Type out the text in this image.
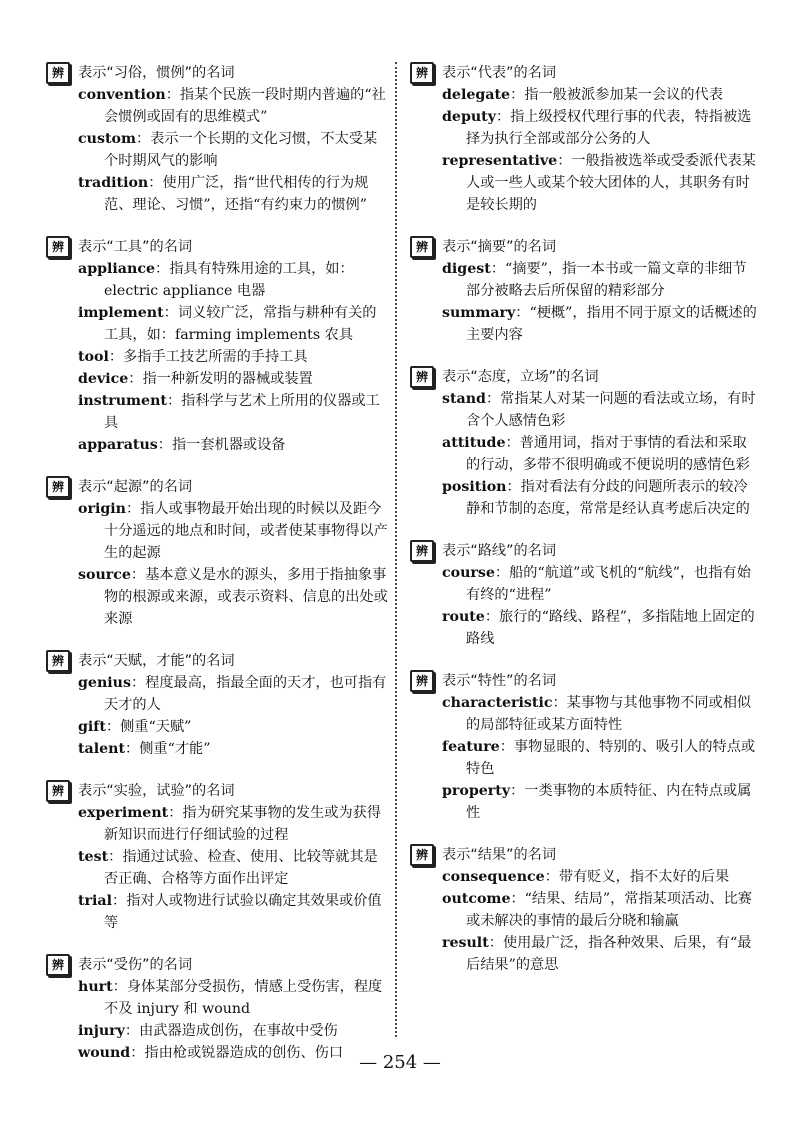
辨 表示“习俗，惯例”的名词
convention：指某个民族一段时期内普遍的“社会惯例或固有的思维模式”
custom：表示一个长期的文化习惯，不太受某个时期风气的影响
tradition：使用广泛，指“世代相传的行为规范、理论、习惯”，还指“有约束力的惯例”
辨 表示“工具”的名词
appliance：指具有特殊用途的工具，如：electric appliance 电器
implement：词义较广泛，常指与耕种有关的工具，如：farming implements 农具
tool：多指手工技艺所需的手持工具
device：指一种新发明的器械或装置
instrument：指科学与艺术上所用的仪器或工具
apparatus：指一套机器或设备
辨 表示“起源”的名词
origin：指人或事物最开始出现的时候以及距今十分遥远的地点和时间，或者使某事物得以产生的起源
source：基本意义是水的源头，多用于指抽象事物的根源或来源，或表示资料、信息的出处或来源
辨 表示“天赋，才能”的名词
genius：程度最高，指最全面的天才，也可指有天才的人
gift：侧重“天赋”
talent：侧重“才能”
辨 表示“实验，试验”的名词
experiment：指为研究某事物的发生或为获得新知识而进行仔细试验的过程
test：指通过试验、检查、使用、比较等就其是否正确、合格等方面作出评定
trial：指对人或物进行试验以确定其效果或价值等
辨 表示“受伤”的名词
hurt：身体某部分受损伤，情感上受伤害，程度不及 injury 和 wound
injury：由武器造成创伤，在事故中受伤
wound：指由枪或锐器造成的创伤、伤口
辨 表示“代表”的名词
delegate：指一般被派参加某一会议的代表
deputy：指上级授权代理行事的代表，特指被选择为执行全部或部分公务的人
representative：一般指被选举或受委派代表某人或一些人或某个较大团体的人，其职务有时是较长期的
辨 表示“摘要”的名词
digest：“摘要”，指一本书或一篇文章的非细节部分被略去后所保留的精彩部分
summary：“梗概”，指用不同于原文的话概述的主要内容
辨 表示“态度，立场”的名词
stand：常指某人对某一问题的看法或立场，有时含个人感情色彩
attitude：普通用词，指对于事情的看法和采取的行动，多带不很明确或不便说明的感情色彩
position：指对看法有分歧的问题所表示的较冷静和节制的态度，常常是经认真考虑后决定的
辨 表示“路线”的名词
course：船的“航道”或飞机的“航线”，也指有始有终的“进程”
route：旅行的“路线、路程”，多指陆地上固定的路线
辨 表示“特性”的名词
characteristic：某事物与其他事物不同或相似的局部特征或某方面特性
feature：事物显眼的、特别的、吸引人的特点或特色
property：一类事物的本质特征、内在特点或属性
辨 表示“结果”的名词
consequence：带有贬义，指不太好的后果
outcome：“结果、结局”，常指某项活动、比赛或未解决的事情的最后分晓和输赢
result：使用最广泛，指各种效果、后果，有“最后结果”的意思
— 254 —
